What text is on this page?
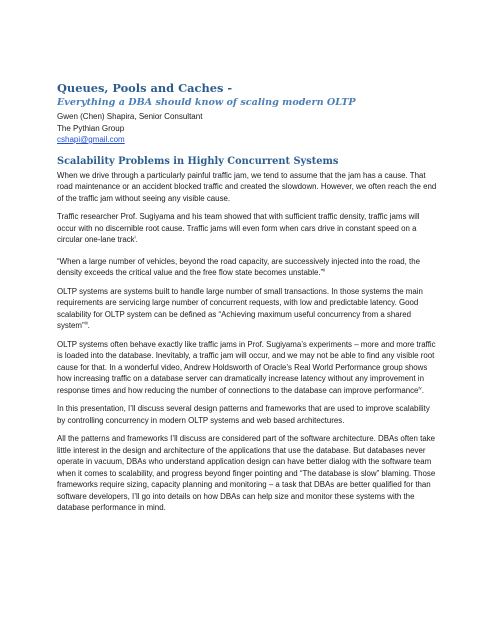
Queues, Pools and Caches -
Everything a DBA should know of scaling modern OLTP
Gwen (Chen) Shapira, Senior Consultant
The Pythian Group
cshapi@gmail.com
Scalability Problems in Highly Concurrent Systems

When we drive through a particularly painful traffic jam, we tend to assume that the jam has a cause. That road maintenance or an accident blocked traffic and created the slowdown. However, we often reach the end of the traffic jam without seeing any visible cause.

Traffic researcher Prof. Sugiyama and his team showed that with sufficient traffic density, traffic jams will occur with no discernible root cause. Traffic jams will even form when cars drive in constant speed on a circular one-lane track$^i$.

“When a large number of vehicles, beyond the road capacity, are successively injected into the road, the density exceeds the critical value and the free flow state becomes unstable.”$^{ii}$

OLTP systems are systems built to handle large number of small transactions. In those systems the main requirements are servicing large number of concurrent requests, with low and predictable latency. Good scalability for OLTP system can be defined as “Achieving maximum useful concurrency from a shared system”$^{iii}$.

OLTP systems often behave exactly like traffic jams in Prof. Sugiyama’s experiments – more and more traffic is loaded into the database. Inevitably, a traffic jam will occur, and we may not be able to find any visible root cause for that. In a wonderful video, Andrew Holdsworth of Oracle’s Real World Performance group shows how increasing traffic on a database server can dramatically increase latency without any improvement in response times and how reducing the number of connections to the database can improve performance$^{iv}$.

In this presentation, I’ll discuss several design patterns and frameworks that are used to improve scalability by controlling concurrency in modern OLTP systems and web based architectures.

All the patterns and frameworks I’ll discuss are considered part of the software architecture. DBAs often take little interest in the design and architecture of the applications that use the database. But databases never operate in vacuum, DBAs who understand application design can have better dialog with the software team when it comes to scalability, and progress beyond finger pointing and “The database is slow” blaming. Those frameworks require sizing, capacity planning and monitoring – a task that DBAs are better qualified for than software developers, I’ll go into details on how DBAs can help size and monitor these systems with the database performance in mind.
